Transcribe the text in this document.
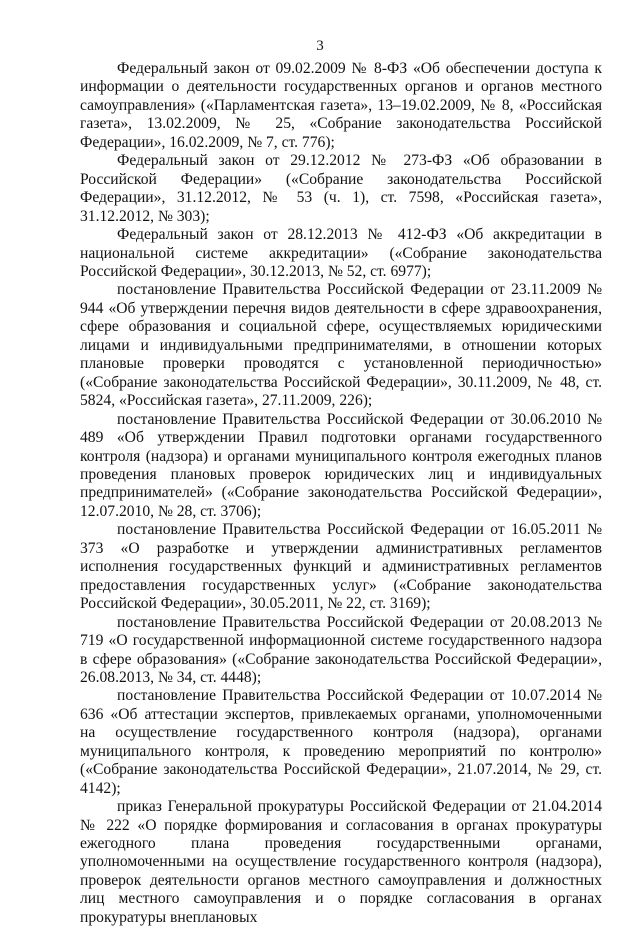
3

Федеральный закон от 09.02.2009 № 8-ФЗ «Об обеспечении доступа к информации о деятельности государственных органов и органов местного самоуправления» («Парламентская газета», 13–19.02.2009, № 8, «Российская газета», 13.02.2009, № 25, «Собрание законодательства Российской Федерации», 16.02.2009, № 7, ст. 776);

Федеральный закон от 29.12.2012 № 273-ФЗ «Об образовании в Российской Федерации» («Собрание законодательства Российской Федерации», 31.12.2012, № 53 (ч. 1), ст. 7598, «Российская газета», 31.12.2012, № 303);

Федеральный закон от 28.12.2013 № 412-ФЗ «Об аккредитации в национальной системе аккредитации» («Собрание законодательства Российской Федерации», 30.12.2013, № 52, ст. 6977);

постановление Правительства Российской Федерации от 23.11.2009 № 944 «Об утверждении перечня видов деятельности в сфере здравоохранения, сфере образования и социальной сфере, осуществляемых юридическими лицами и индивидуальными предпринимателями, в отношении которых плановые проверки проводятся с установленной периодичностью» («Собрание законодательства Российской Федерации», 30.11.2009, № 48, ст. 5824, «Российская газета», 27.11.2009, 226);

постановление Правительства Российской Федерации от 30.06.2010 № 489 «Об утверждении Правил подготовки органами государственного контроля (надзора) и органами муниципального контроля ежегодных планов проведения плановых проверок юридических лиц и индивидуальных предпринимателей» («Собрание законодательства Российской Федерации», 12.07.2010, № 28, ст. 3706);

постановление Правительства Российской Федерации от 16.05.2011 № 373 «О разработке и утверждении административных регламентов исполнения государственных функций и административных регламентов предоставления государственных услуг» («Собрание законодательства Российской Федерации», 30.05.2011, № 22, ст. 3169);

постановление Правительства Российской Федерации от 20.08.2013 № 719 «О государственной информационной системе государственного надзора в сфере образования» («Собрание законодательства Российской Федерации», 26.08.2013, № 34, ст. 4448);

постановление Правительства Российской Федерации от 10.07.2014 № 636 «Об аттестации экспертов, привлекаемых органами, уполномоченными на осуществление государственного контроля (надзора), органами муниципального контроля, к проведению мероприятий по контролю» («Собрание законодательства Российской Федерации», 21.07.2014, № 29, ст. 4142);

приказ Генеральной прокуратуры Российской Федерации от 21.04.2014 № 222 «О порядке формирования и согласования в органах прокуратуры ежегодного плана проведения государственными органами, уполномоченными на осуществление государственного контроля (надзора), проверок деятельности органов местного самоуправления и должностных лиц местного самоуправления и о порядке согласования в органах прокуратуры внеплановых
